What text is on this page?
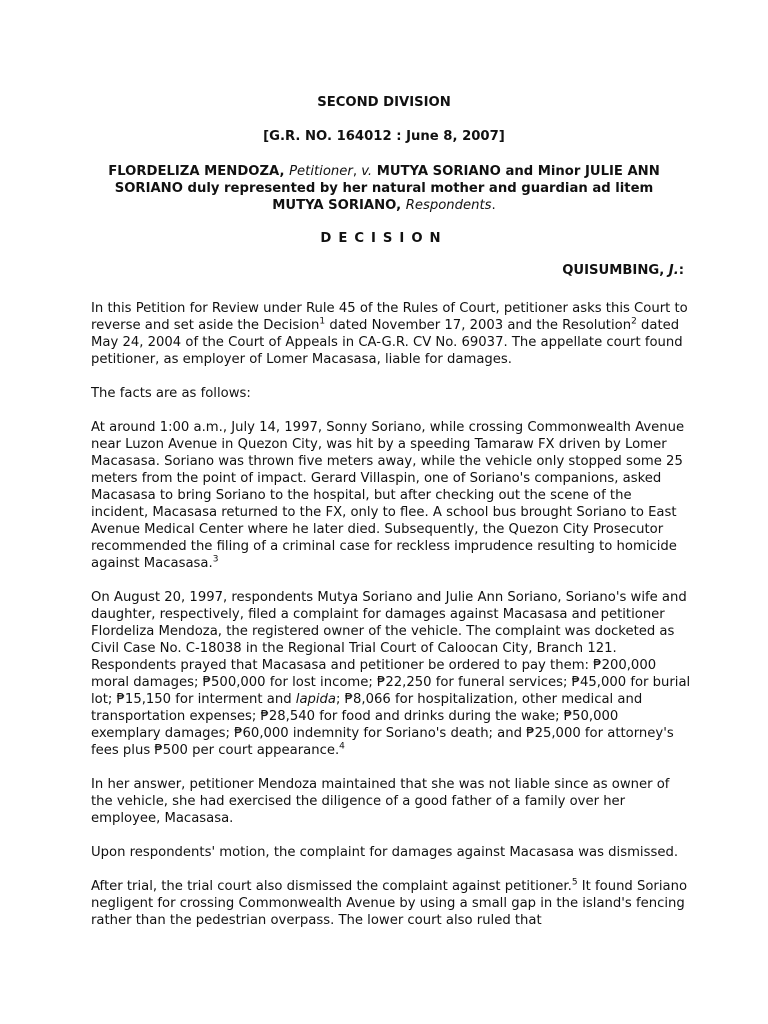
SECOND DIVISION
[G.R. NO. 164012 : June 8, 2007]
FLORDELIZA MENDOZA, Petitioner, v. MUTYA SORIANO and Minor JULIE ANN SORIANO duly represented by her natural mother and guardian ad litem MUTYA SORIANO, Respondents.
DECISION
QUISUMBING, J.:

In this Petition for Review under Rule 45 of the Rules of Court, petitioner asks this Court to reverse and set aside the Decision$^1$ dated November 17, 2003 and the Resolution$^2$ dated May 24, 2004 of the Court of Appeals in CA-G.R. CV No. 69037. The appellate court found petitioner, as employer of Lomer Macasasa, liable for damages.

The facts are as follows:

At around 1:00 a.m., July 14, 1997, Sonny Soriano, while crossing Commonwealth Avenue near Luzon Avenue in Quezon City, was hit by a speeding Tamaraw FX driven by Lomer Macasasa. Soriano was thrown five meters away, while the vehicle only stopped some 25 meters from the point of impact. Gerard Villaspin, one of Soriano's companions, asked Macasasa to bring Soriano to the hospital, but after checking out the scene of the incident, Macasasa returned to the FX, only to flee. A school bus brought Soriano to East Avenue Medical Center where he later died. Subsequently, the Quezon City Prosecutor recommended the filing of a criminal case for reckless imprudence resulting to homicide against Macasasa.$^3$

On August 20, 1997, respondents Mutya Soriano and Julie Ann Soriano, Soriano's wife and daughter, respectively, filed a complaint for damages against Macasasa and petitioner Flordeliza Mendoza, the registered owner of the vehicle. The complaint was docketed as Civil Case No. C-18038 in the Regional Trial Court of Caloocan City, Branch 121. Respondents prayed that Macasasa and petitioner be ordered to pay them: ₱200,000 moral damages; ₱500,000 for lost income; ₱22,250 for funeral services; ₱45,000 for burial lot; ₱15,150 for interment and lapida; ₱8,066 for hospitalization, other medical and transportation expenses; ₱28,540 for food and drinks during the wake; ₱50,000 exemplary damages; ₱60,000 indemnity for Soriano's death; and ₱25,000 for attorney's fees plus ₱500 per court appearance.$^4$

In her answer, petitioner Mendoza maintained that she was not liable since as owner of the vehicle, she had exercised the diligence of a good father of a family over her employee, Macasasa.

Upon respondents' motion, the complaint for damages against Macasasa was dismissed.

After trial, the trial court also dismissed the complaint against petitioner.$^5$ It found Soriano negligent for crossing Commonwealth Avenue by using a small gap in the island's fencing rather than the pedestrian overpass. The lower court also ruled that
